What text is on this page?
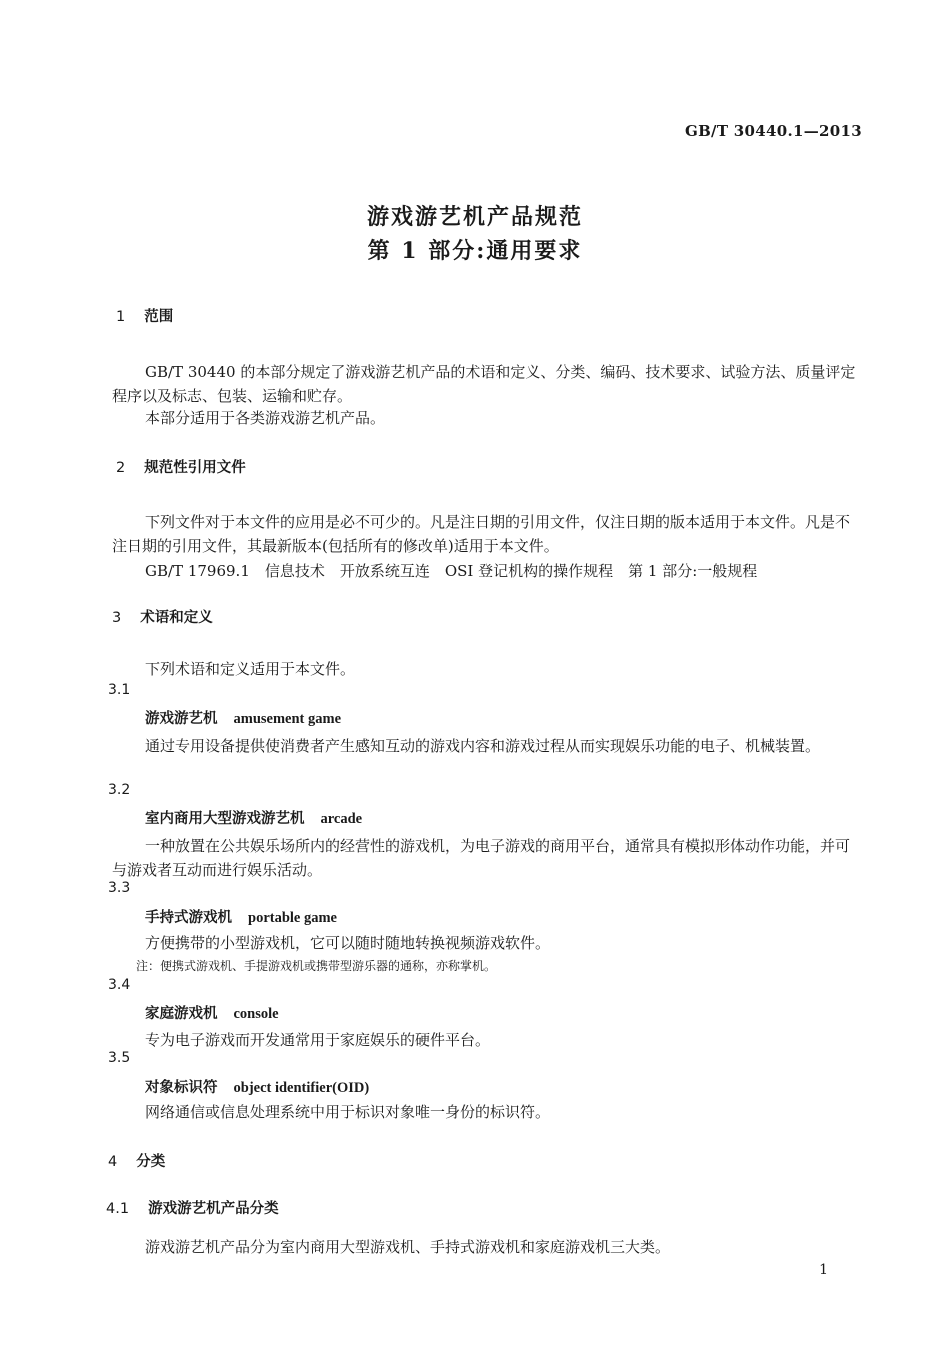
GB/T 30440.1—2013
游戏游艺机产品规范
第 1 部分:通用要求
1 范围
GB/T 30440 的本部分规定了游戏游艺机产品的术语和定义、分类、编码、技术要求、试验方法、质量评定程序以及标志、包装、运输和贮存。
本部分适用于各类游戏游艺机产品。
2 规范性引用文件
下列文件对于本文件的应用是必不可少的。凡是注日期的引用文件，仅注日期的版本适用于本文件。凡是不注日期的引用文件，其最新版本(包括所有的修改单)适用于本文件。
GB/T 17969.1　信息技术　开放系统互连　OSI 登记机构的操作规程　第 1 部分:一般规程
3 术语和定义
下列术语和定义适用于本文件。
3.1
游戏游艺机 amusement game
通过专用设备提供使消费者产生感知互动的游戏内容和游戏过程从而实现娱乐功能的电子、机械装置。
3.2
室内商用大型游戏游艺机 arcade
一种放置在公共娱乐场所内的经营性的游戏机，为电子游戏的商用平台，通常具有模拟形体动作功能，并可与游戏者互动而进行娱乐活动。
3.3
手持式游戏机 portable game
方便携带的小型游戏机，它可以随时随地转换视频游戏软件。
注：便携式游戏机、手提游戏机或携带型游乐器的通称，亦称掌机。
3.4
家庭游戏机 console
专为电子游戏而开发通常用于家庭娱乐的硬件平台。
3.5
对象标识符 object identifier(OID)
网络通信或信息处理系统中用于标识对象唯一身份的标识符。
4 分类
4.1 游戏游艺机产品分类
游戏游艺机产品分为室内商用大型游戏机、手持式游戏机和家庭游戏机三大类。
1
